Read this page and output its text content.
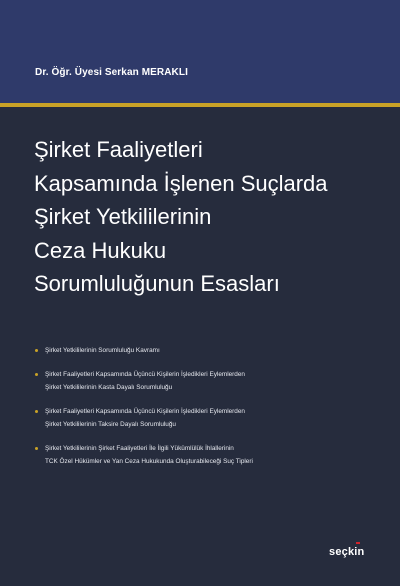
Dr. Öğr. Üyesi Serkan MERAKLI
Şirket Faaliyetleri
Kapsamında İşlenen Suçlarda
Şirket Yetkililerinin
Ceza Hukuku
Sorumluluğunun Esasları
Şirket Yetkililerinin Sorumluluğu Kavramı
Şirket Faaliyetleri Kapsamında Üçüncü Kişilerin İşledikleri Eylemlerden
Şirket Yetkililerinin Kasta Dayalı Sorumluluğu
Şirket Faaliyetleri Kapsamında Üçüncü Kişilerin İşledikleri Eylemlerden
Şirket Yetkililerinin Taksire Dayalı Sorumluluğu
Şirket Yetkililerinin Şirket Faaliyetleri İle İlgili Yükümlülük İhlallerinin
TCK Özel Hükümler ve Yan Ceza Hukukunda Oluşturabileceği Suç Tipleri
seçkin
